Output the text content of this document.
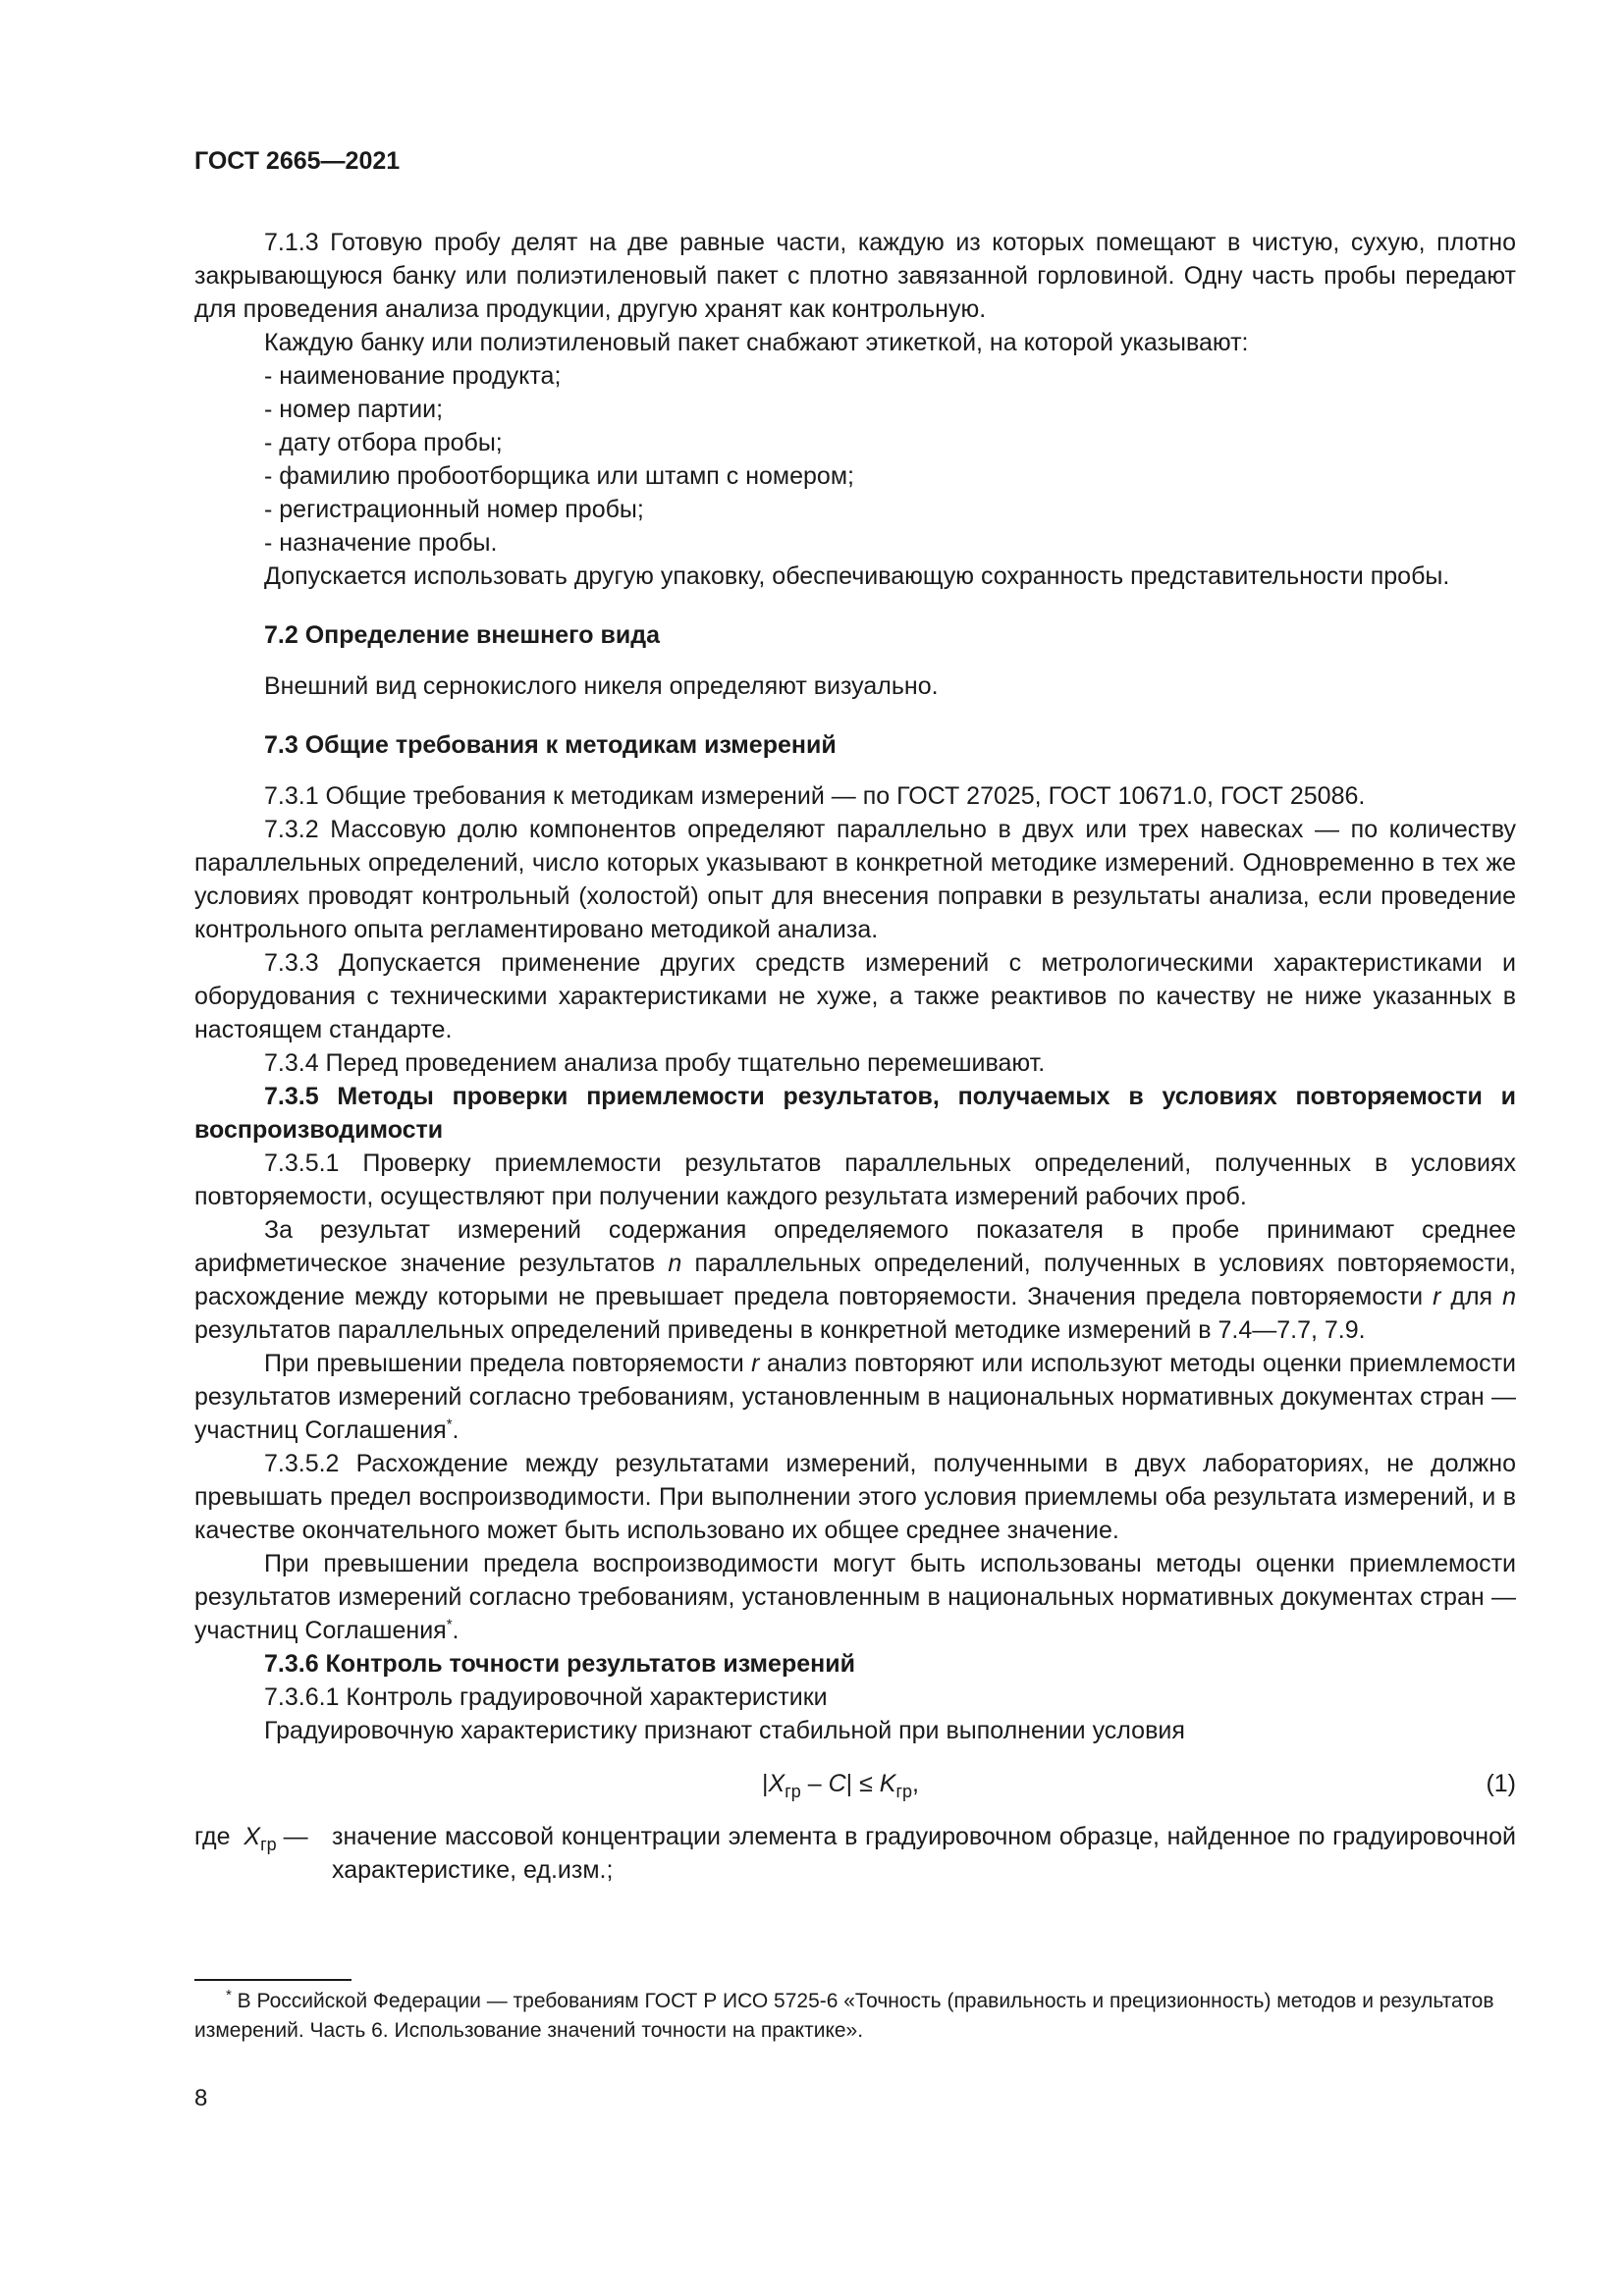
ГОСТ 2665—2021

7.1.3 Готовую пробу делят на две равные части, каждую из которых помещают в чистую, сухую, плотно закрывающуюся банку или полиэтиленовый пакет с плотно завязанной горловиной. Одну часть пробы передают для проведения анализа продукции, другую хранят как контрольную.

Каждую банку или полиэтиленовый пакет снабжают этикеткой, на которой указывают:

- наименование продукта;

- номер партии;

- дату отбора пробы;

- фамилию пробоотборщика или штамп с номером;

- регистрационный номер пробы;

- назначение пробы.

Допускается использовать другую упаковку, обеспечивающую сохранность представительности пробы.

7.2 Определение внешнего вида

Внешний вид сернокислого никеля определяют визуально.

7.3 Общие требования к методикам измерений

7.3.1 Общие требования к методикам измерений — по ГОСТ 27025, ГОСТ 10671.0, ГОСТ 25086.

7.3.2 Массовую долю компонентов определяют параллельно в двух или трех навесках — по количеству параллельных определений, число которых указывают в конкретной методике измерений. Одновременно в тех же условиях проводят контрольный (холостой) опыт для внесения поправки в результаты анализа, если проведение контрольного опыта регламентировано методикой анализа.

7.3.3 Допускается применение других средств измерений с метрологическими характеристиками и оборудования с техническими характеристиками не хуже, а также реактивов по качеству не ниже указанных в настоящем стандарте.

7.3.4 Перед проведением анализа пробу тщательно перемешивают.

7.3.5 Методы проверки приемлемости результатов, получаемых в условиях повторяемости и воспроизводимости

7.3.5.1 Проверку приемлемости результатов параллельных определений, полученных в условиях повторяемости, осуществляют при получении каждого результата измерений рабочих проб.

За результат измерений содержания определяемого показателя в пробе принимают среднее арифметическое значение результатов n параллельных определений, полученных в условиях повторяемости, расхождение между которыми не превышает предела повторяемости. Значения предела повторяемости r для n результатов параллельных определений приведены в конкретной методике измерений в 7.4—7.7, 7.9.

При превышении предела повторяемости r анализ повторяют или используют методы оценки приемлемости результатов измерений согласно требованиям, установленным в национальных нормативных документах стран — участниц Соглашения*.

7.3.5.2 Расхождение между результатами измерений, полученными в двух лабораториях, не должно превышать предел воспроизводимости. При выполнении этого условия приемлемы оба результата измерений, и в качестве окончательного может быть использовано их общее среднее значение.

При превышении предела воспроизводимости могут быть использованы методы оценки приемлемости результатов измерений согласно требованиям, установленным в национальных нормативных документах стран — участниц Соглашения*.

7.3.6 Контроль точности результатов измерений

7.3.6.1 Контроль градуировочной характеристики

Градуировочную характеристику признают стабильной при выполнении условия

$|X_{гр} - C| \le K_{гр}$,	(1)
где $X_{гр}$ — значение массовой концентрации элемента в градуировочном образце, найденное по градуировочной характеристике, ед.изм.;

* В Российской Федерации — требованиям ГОСТ Р ИСО 5725-6 «Точность (правильность и прецизионность) методов и результатов измерений. Часть 6. Использование значений точности на практике».

8
